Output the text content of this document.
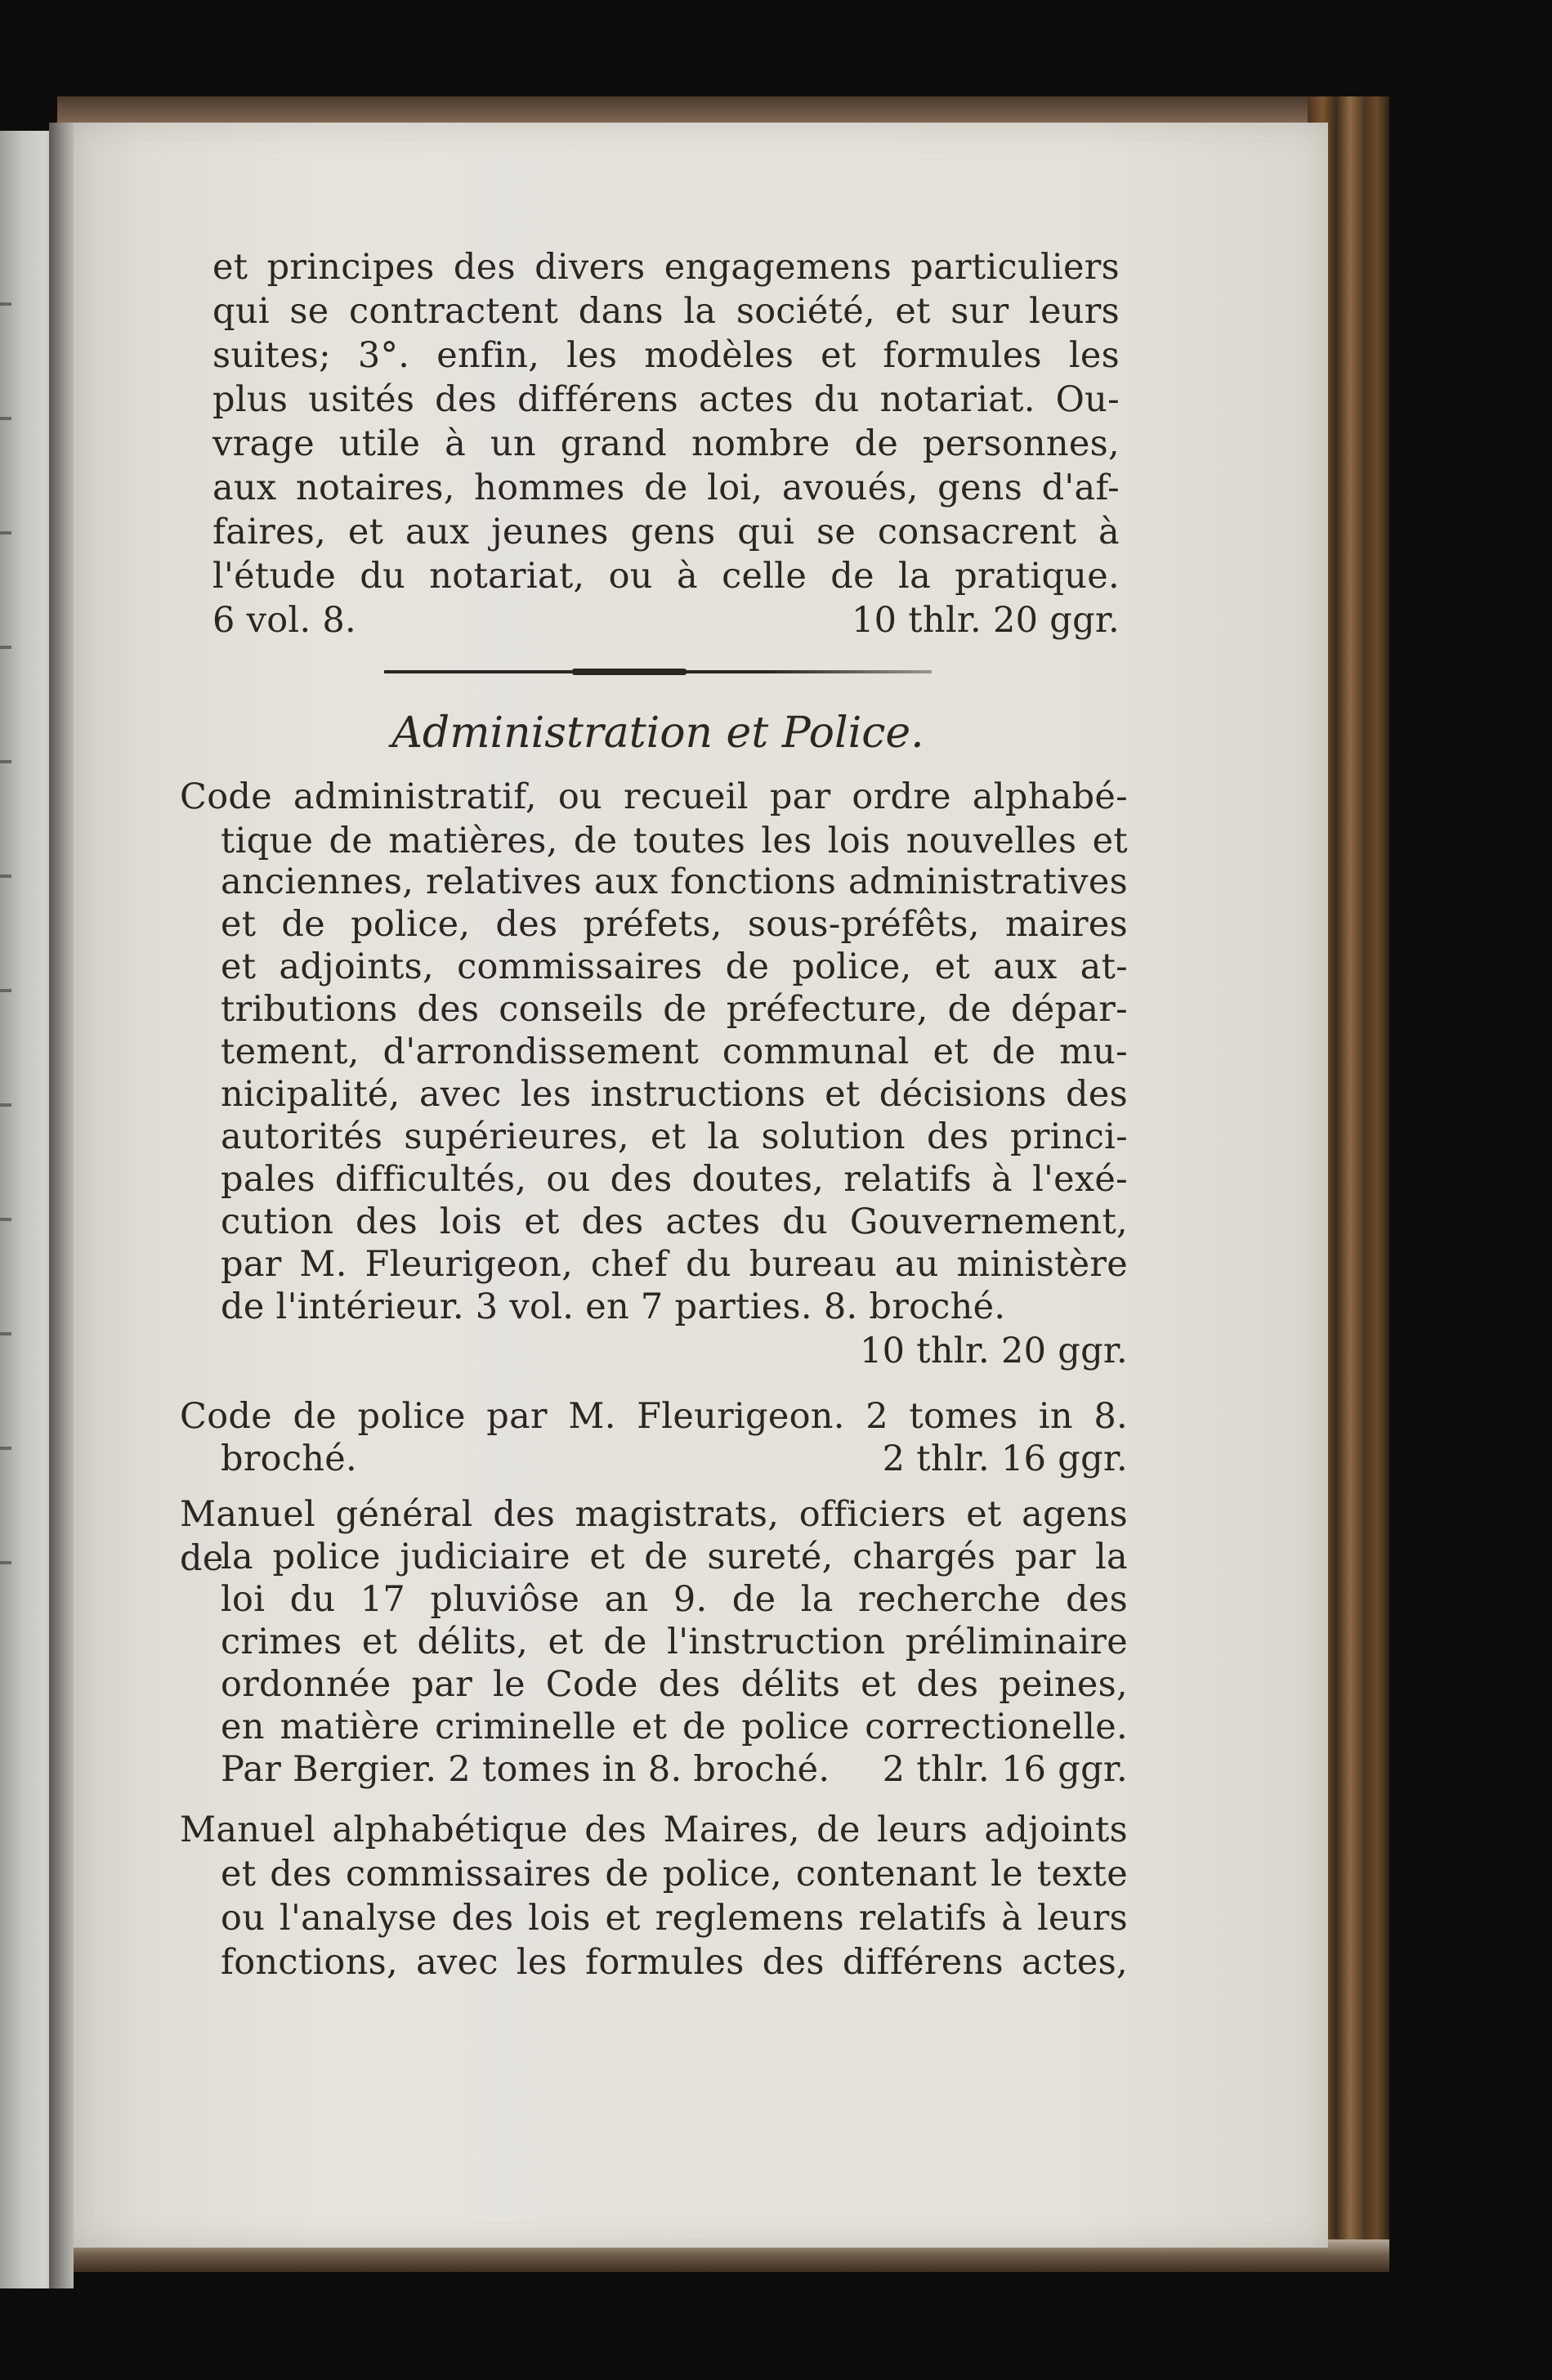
et principes des divers engagemens particuliers
qui se contractent dans la société, et sur leurs
suites; 3°. enfin, les modèles et formules les
plus usités des différens actes du notariat. Ou-
vrage utile à un grand nombre de personnes,
aux notaires, hommes de loi, avoués, gens d'af-
faires, et aux jeunes gens qui se consacrent à
l'étude du notariat, ou à celle de la pratique.
6 vol. 8.	10 thlr. 20 ggr.
Administration et Police.
Code administratif, ou recueil par ordre alphabé-
tique de matières, de toutes les lois nouvelles et
anciennes, relatives aux fonctions administratives
et de police, des préfets, sous-préfêts, maires
et adjoints, commissaires de police, et aux at-
tributions des conseils de préfecture, de dépar-
tement, d'arrondissement communal et de mu-
nicipalité, avec les instructions et décisions des
autorités supérieures, et la solution des princi-
pales difficultés, ou des doutes, relatifs à l'exé-
cution des lois et des actes du Gouvernement,
par M. Fleurigeon, chef du bureau au ministère
de l'intérieur. 3 vol. en 7 parties. 8. broché.
10 thlr. 20 ggr.
Code de police par M. Fleurigeon. 2 tomes in 8.
broché.	2 thlr. 16 ggr.
Manuel général des magistrats, officiers et agens de
la police judiciaire et de sureté, chargés par la
loi du 17 pluviôse an 9. de la recherche des
crimes et délits, et de l'instruction préliminaire
ordonnée par le Code des délits et des peines,
en matière criminelle et de police correctionelle.
Par Bergier. 2 tomes in 8. broché.	2 thlr. 16 ggr.
Manuel alphabétique des Maires, de leurs adjoints
et des commissaires de police, contenant le texte
ou l'analyse des lois et reglemens relatifs à leurs
fonctions, avec les formules des différens actes,
